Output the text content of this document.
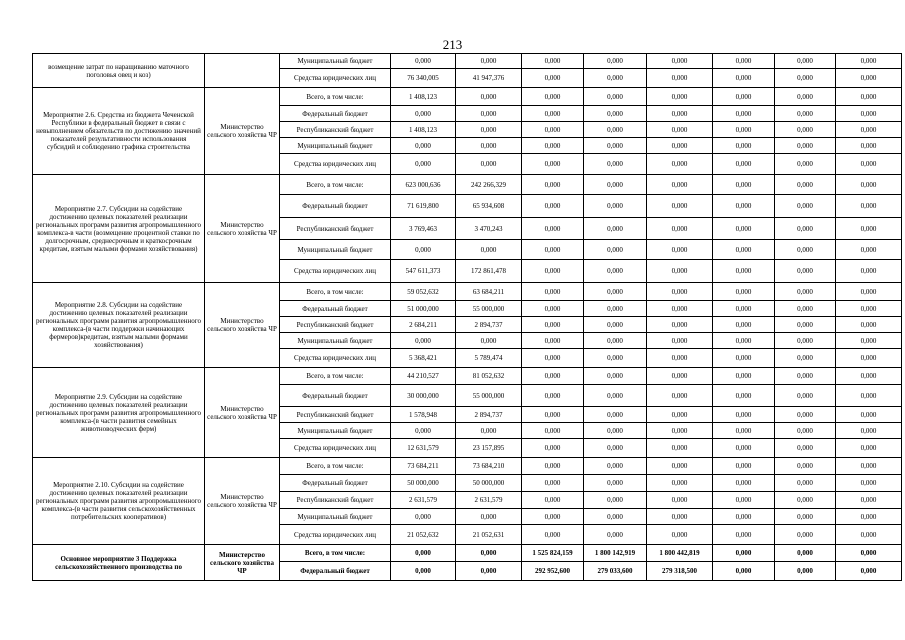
213
возмещение затрат по наращиванию маточного поголовья овец и коз)		Муниципальный бюджет	0,000	0,000	0,000	0,000	0,000	0,000	0,000	0,000
		Средства юридических лиц	76 340,005	41 947,376	0,000	0,000	0,000	0,000	0,000	0,000
Мероприятие 2.6. Средства из бюджета Чеченской Республики в федеральный бюджет в связи с невыполнением обязательств по достижению значений показателей результативности использования субсидий и соблюдению графика строительства	Министерство сельского хозяйства ЧР	Всего, в том числе:	1 408,123	0,000	0,000	0,000	0,000	0,000	0,000	0,000
		Федеральный бюджет	0,000	0,000	0,000	0,000	0,000	0,000	0,000	0,000
		Республиканский бюджет	1 408,123	0,000	0,000	0,000	0,000	0,000	0,000	0,000
		Муниципальный бюджет	0,000	0,000	0,000	0,000	0,000	0,000	0,000	0,000
		Средства юридических лиц	0,000	0,000	0,000	0,000	0,000	0,000	0,000	0,000
Мероприятие 2.7. Субсидии на содействие достижению целевых показателей реализации региональных программ развития агропромышленного комплекса-в части (возмещение процентной ставки по долгосрочным, среднесрочным и краткосрочным кредитам, взятым малыми формами хозяйствования)	Министерство сельского хозяйства ЧР	Всего, в том числе:	623 000,636	242 266,329	0,000	0,000	0,000	0,000	0,000	0,000
		Федеральный бюджет	71 619,800	65 934,608	0,000	0,000	0,000	0,000	0,000	0,000
		Республиканский бюджет	3 769,463	3 470,243	0,000	0,000	0,000	0,000	0,000	0,000
		Муниципальный бюджет	0,000	0,000	0,000	0,000	0,000	0,000	0,000	0,000
		Средства юридических лиц	547 611,373	172 861,478	0,000	0,000	0,000	0,000	0,000	0,000
Мероприятие 2.8. Субсидии на содействие достижению целевых показателей реализации региональных программ развития агропромышленного комплекса-(в части поддержки начинающих фермеров)кредитам, взятым малыми формами хозяйствования)	Министерство сельского хозяйства ЧР	Всего, в том числе:	59 052,632	63 684,211	0,000	0,000	0,000	0,000	0,000	0,000
		Федеральный бюджет	51 000,000	55 000,000	0,000	0,000	0,000	0,000	0,000	0,000
		Республиканский бюджет	2 684,211	2 894,737	0,000	0,000	0,000	0,000	0,000	0,000
		Муниципальный бюджет	0,000	0,000	0,000	0,000	0,000	0,000	0,000	0,000
		Средства юридических лиц	5 368,421	5 789,474	0,000	0,000	0,000	0,000	0,000	0,000
Мероприятие 2.9. Субсидии на содействие достижению целевых показателей реализации региональных программ развития агропромышленного комплекса-(в части развития семейных животноводческих ферм)	Министерство сельского хозяйства ЧР	Всего, в том числе:	44 210,527	81 052,632	0,000	0,000	0,000	0,000	0,000	0,000
		Федеральный бюджет	30 000,000	55 000,000	0,000	0,000	0,000	0,000	0,000	0,000
		Республиканский бюджет	1 578,948	2 894,737	0,000	0,000	0,000	0,000	0,000	0,000
		Муниципальный бюджет	0,000	0,000	0,000	0,000	0,000	0,000	0,000	0,000
		Средства юридических лиц	12 631,579	23 157,895	0,000	0,000	0,000	0,000	0,000	0,000
Мероприятие 2.10. Субсидии на содействие достижению целевых показателей реализации региональных программ развития агропромышленного комплекса-(в части развития сельскохозяйственных потребительских кооперативов)	Министерство сельского хозяйства ЧР	Всего, в том числе:	73 684,211	73 684,210	0,000	0,000	0,000	0,000	0,000	0,000
		Федеральный бюджет	50 000,000	50 000,000	0,000	0,000	0,000	0,000	0,000	0,000
		Республиканский бюджет	2 631,579	2 631,579	0,000	0,000	0,000	0,000	0,000	0,000
		Муниципальный бюджет	0,000	0,000	0,000	0,000	0,000	0,000	0,000	0,000
		Средства юридических лиц	21 052,632	21 052,631	0,000	0,000	0,000	0,000	0,000	0,000
Основное мероприятие 3 Поддержка сельскохозяйственного производства по	Министерство сельского хозяйства ЧР	Всего, в том числе:	0,000	0,000	1 525 824,159	1 800 142,919	1 800 442,819	0,000	0,000	0,000
		Федеральный бюджет	0,000	0,000	292 952,600	279 033,600	279 318,500	0,000	0,000	0,000
